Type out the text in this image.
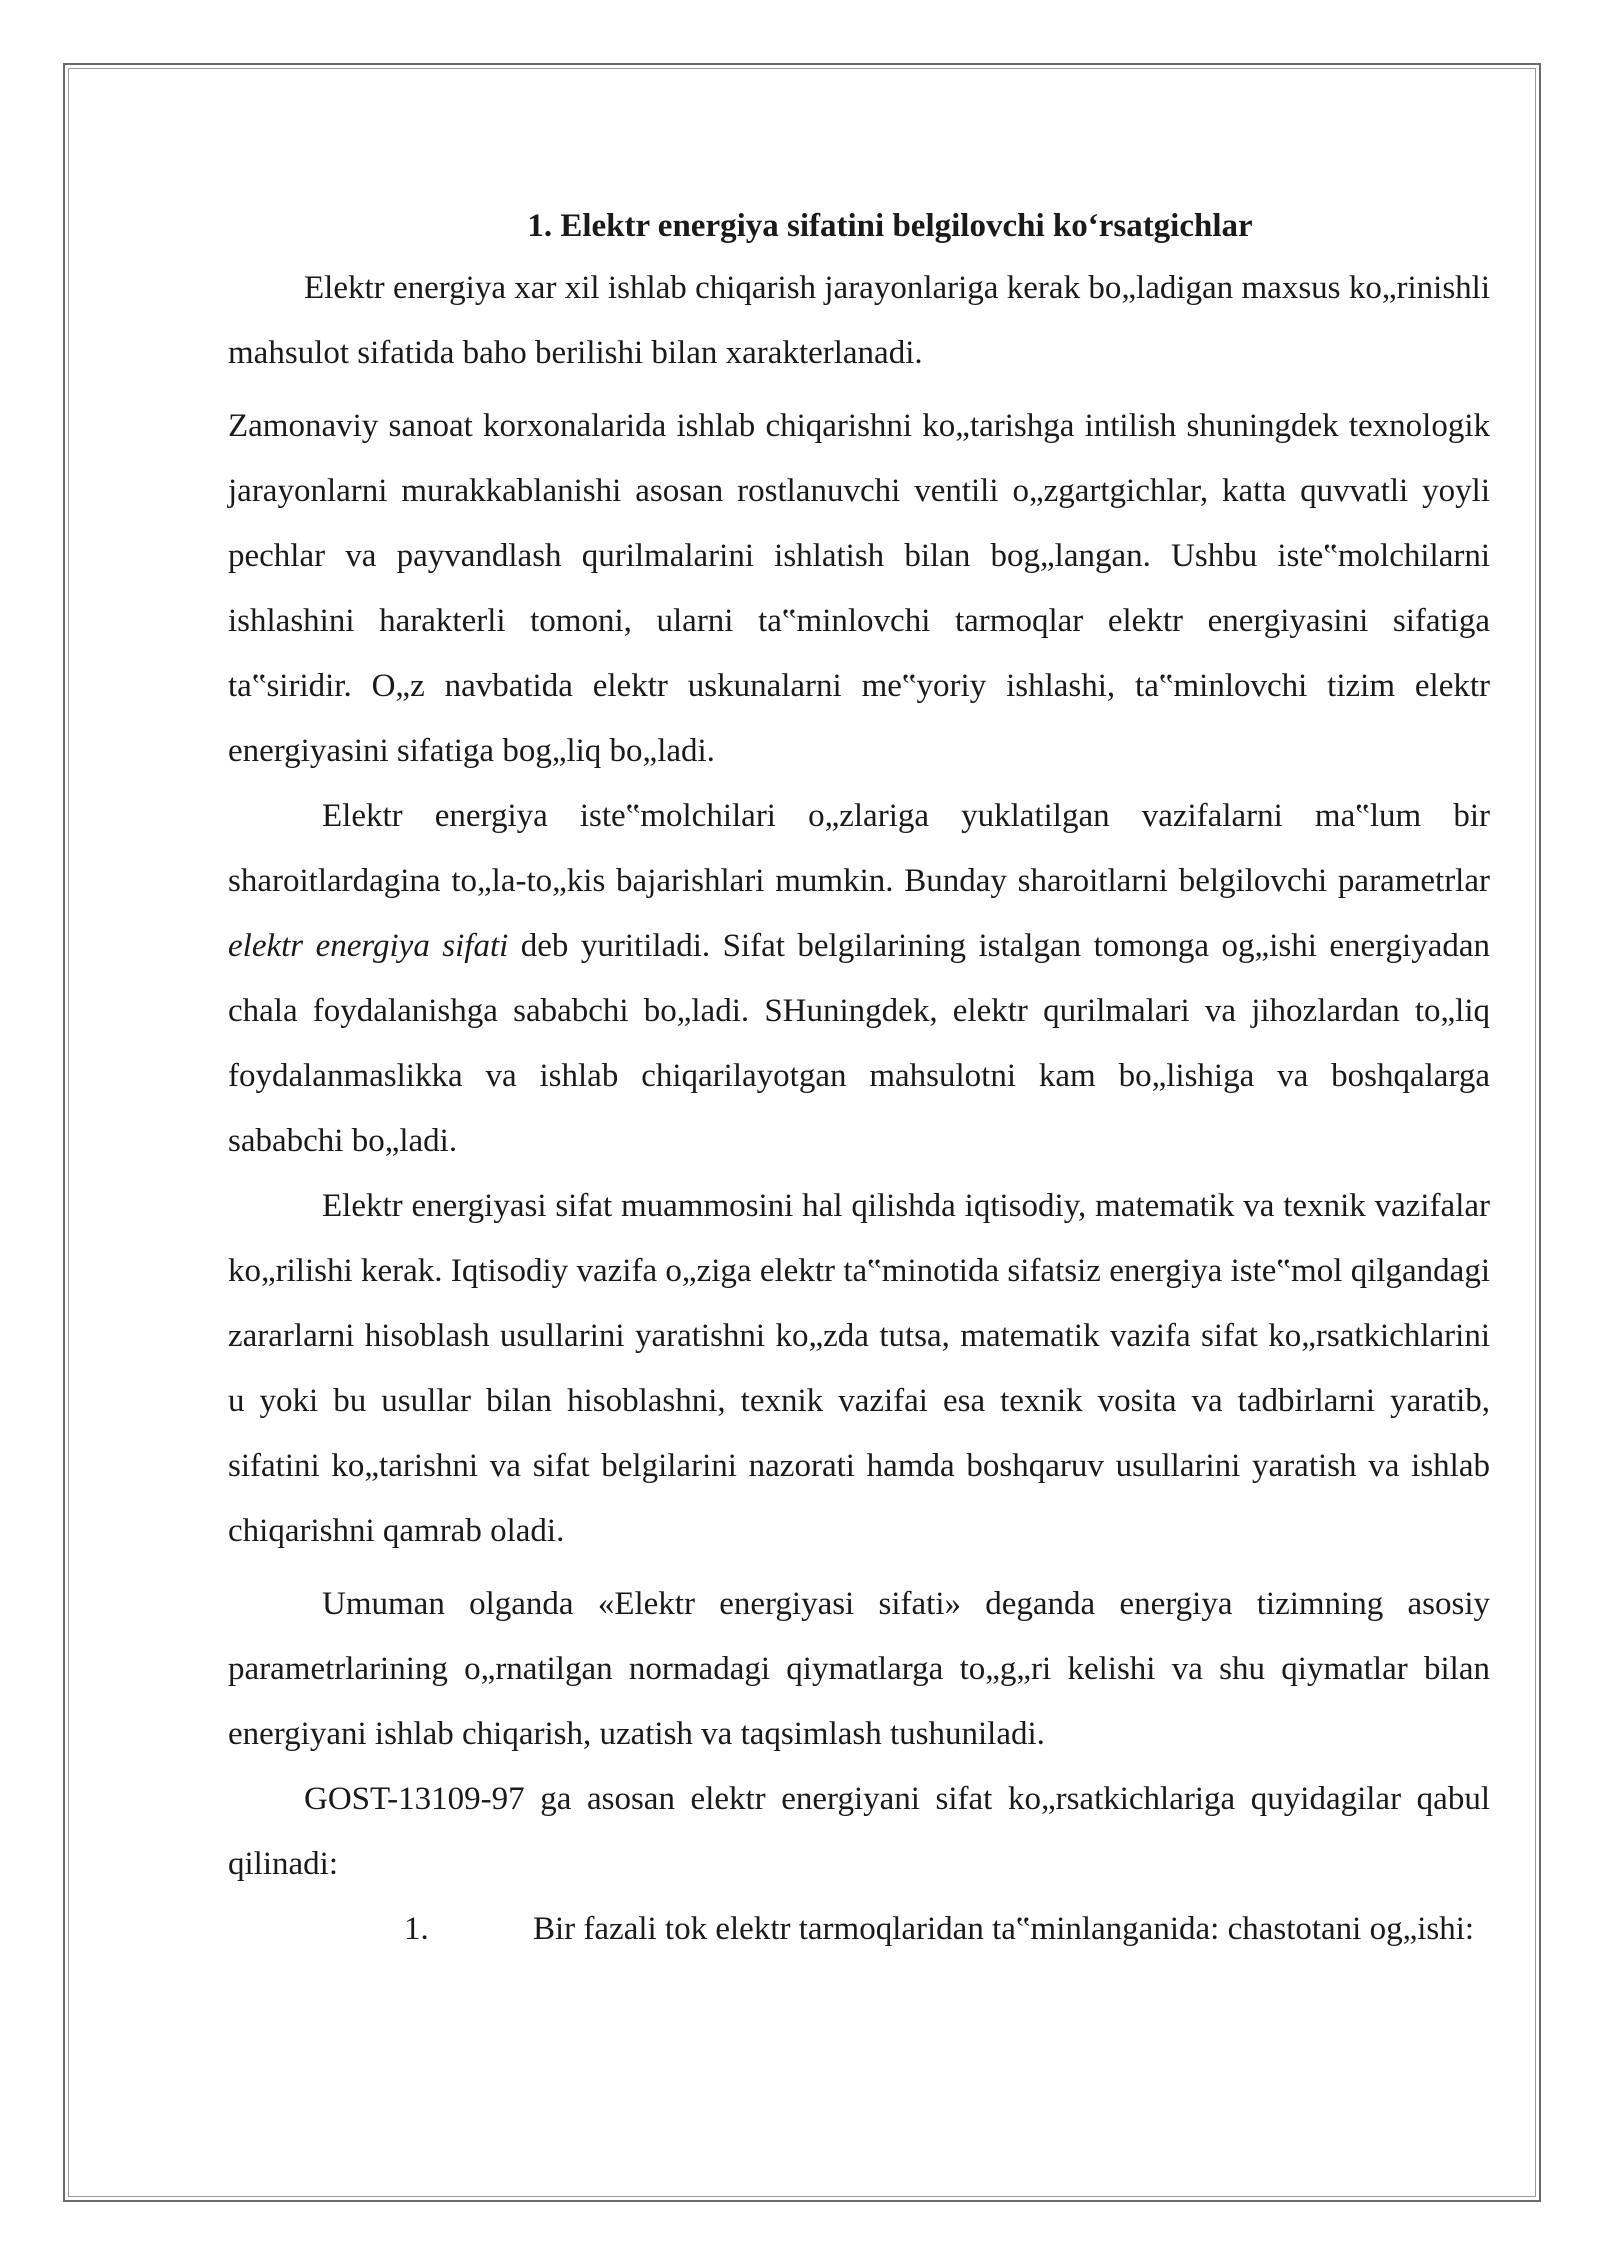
1. Elektr energiya sifatini belgilovchi ko‘rsatgichlar

Elektr energiya xar xil ishlab chiqarish jarayonlariga kerak bo„ladigan maxsus ko„rinishli mahsulot sifatida baho berilishi bilan xarakterlanadi.

Zamonaviy sanoat korxonalarida ishlab chiqarishni ko„tarishga intilish shuningdek texnologik jarayonlarni murakkablanishi asosan rostlanuvchi ventili o„zgartgichlar, katta quvvatli yoyli pechlar va payvandlash qurilmalarini ishlatish bilan bog„langan. Ushbu iste‟molchilarni ishlashini harakterli tomoni, ularni ta‟minlovchi tarmoqlar elektr energiyasini sifatiga ta‟siridir. O„z navbatida elektr uskunalarni me‟yoriy ishlashi, ta‟minlovchi tizim elektr energiyasini sifatiga bog„liq bo„ladi.

Elektr energiya iste‟molchilari o„zlariga yuklatilgan vazifalarni ma‟lum bir sharoitlardagina to„la-to„kis bajarishlari mumkin. Bunday sharoitlarni belgilovchi parametrlar elektr energiya sifati deb yuritiladi. Sifat belgilarining istalgan tomonga og„ishi energiyadan chala foydalanishga sababchi bo„ladi. SHuningdek, elektr qurilmalari va jihozlardan to„liq foydalanmaslikka va ishlab chiqarilayotgan mahsulotni kam bo„lishiga va boshqalarga sababchi bo„ladi.

Elektr energiyasi sifat muammosini hal qilishda iqtisodiy, matematik va texnik vazifalar ko„rilishi kerak. Iqtisodiy vazifa o„ziga elektr ta‟minotida sifatsiz energiya iste‟mol qilgandagi zararlarni hisoblash usullarini yaratishni ko„zda tutsa, matematik vazifa sifat ko„rsatkichlarini u yoki bu usullar bilan hisoblashni, texnik vazifai esa texnik vosita va tadbirlarni yaratib, sifatini ko„tarishni va sifat belgilarini nazorati hamda boshqaruv usullarini yaratish va ishlab chiqarishni qamrab oladi.

Umuman olganda «Elektr energiyasi sifati» deganda energiya tizimning asosiy parametrlarining o„rnatilgan normadagi qiymatlarga to„g„ri kelishi va shu qiymatlar bilan energiyani ishlab chiqarish, uzatish va taqsimlash tushuniladi.

GOST-13109-97 ga asosan elektr energiyani sifat ko„rsatkichlariga quyidagilar qabul qilinadi:

1.	Bir fazali tok elektr tarmoqlaridan ta‟minlanganida: chastotani og„ishi:
